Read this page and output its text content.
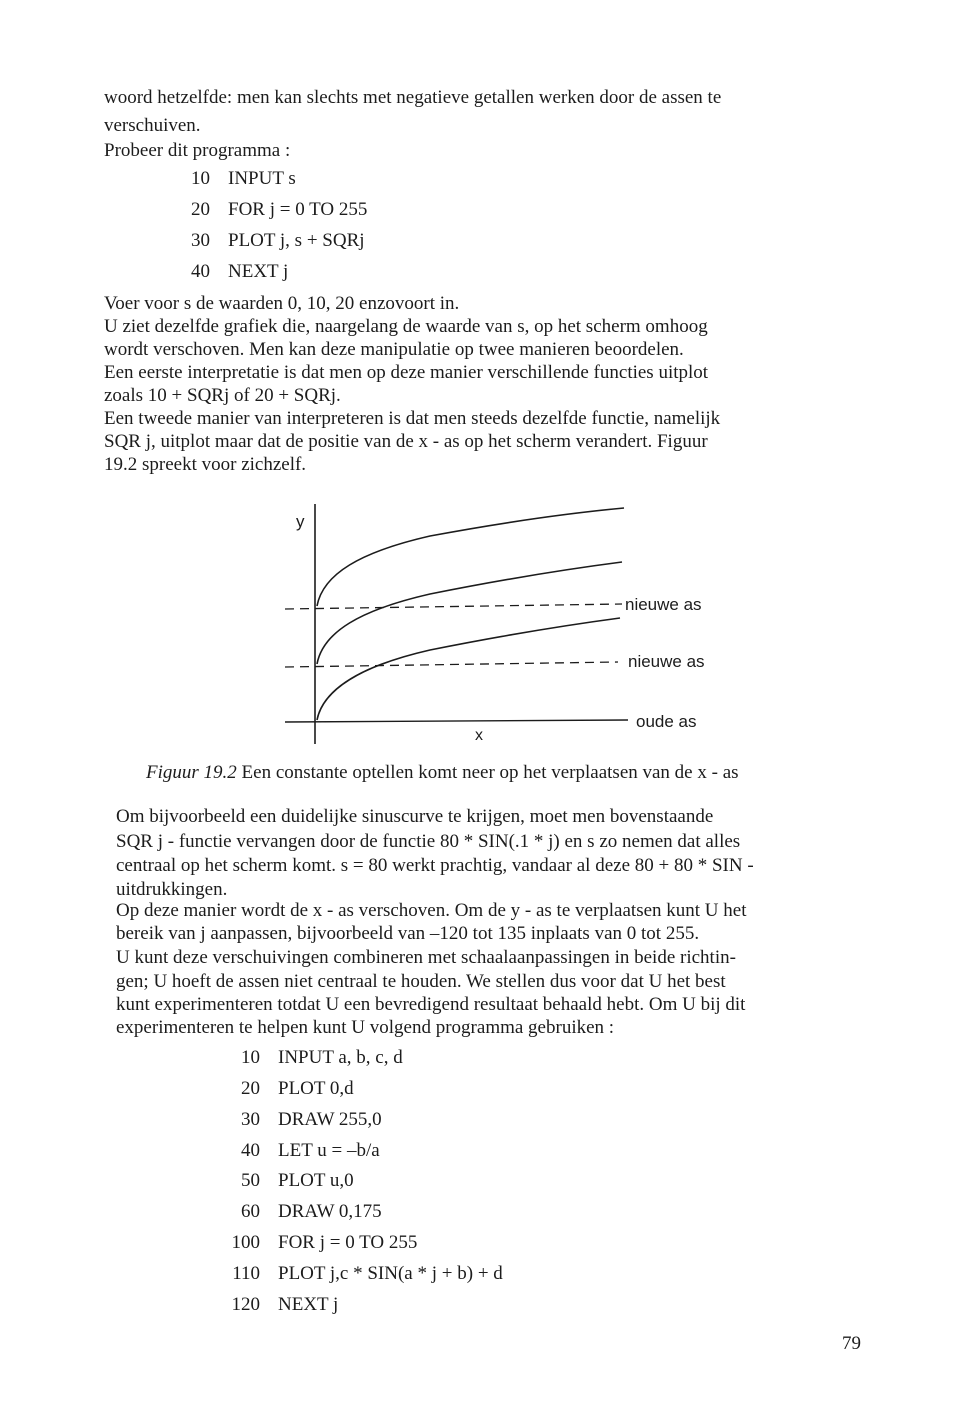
woord hetzelfde: men kan slechts met negatieve getallen werken door de assen te
verschuiven.
Probeer dit programma :
10 INPUT s
20 FOR j = 0 TO 255
30 PLOT j, s + SQRj
40 NEXT j
Voer voor s de waarden 0, 10, 20 enzovoort in.
U ziet dezelfde grafiek die, naargelang de waarde van s, op het scherm omhoog
wordt verschoven. Men kan deze manipulatie op twee manieren beoordelen.
Een eerste interpretatie is dat men op deze manier verschillende functies uitplot
zoals 10 + SQRj of 20 + SQRj.
Een tweede manier van interpreteren is dat men steeds dezelfde functie, namelijk
SQR j, uitplot maar dat de positie van de x - as op het scherm verandert. Figuur
19.2 spreekt voor zichzelf.
y
x
nieuwe as
nieuwe as
oude as
Figuur 19.2 Een constante optellen komt neer op het verplaatsen van de x - as
Om bijvoorbeeld een duidelijke sinuscurve te krijgen, moet men bovenstaande
SQR j - functie vervangen door de functie 80 * SIN(.1 * j) en s zo nemen dat alles
centraal op het scherm komt. s = 80 werkt prachtig, vandaar al deze 80 + 80 * SIN -
uitdrukkingen.
Op deze manier wordt de x - as verschoven. Om de y - as te verplaatsen kunt U het
bereik van j aanpassen, bijvoorbeeld van –120 tot 135 inplaats van 0 tot 255.
U kunt deze verschuivingen combineren met schaalaanpassingen in beide richtin-
gen; U hoeft de assen niet centraal te houden. We stellen dus voor dat U het best
kunt experimenteren totdat U een bevredigend resultaat behaald hebt. Om U bij dit
experimenteren te helpen kunt U volgend programma gebruiken :
10 INPUT a, b, c, d
20 PLOT 0,d
30 DRAW 255,0
40 LET u = –b/a
50 PLOT u,0
60 DRAW 0,175
100 FOR j = 0 TO 255
110 PLOT j,c * SIN(a * j + b) + d
120 NEXT j
79
